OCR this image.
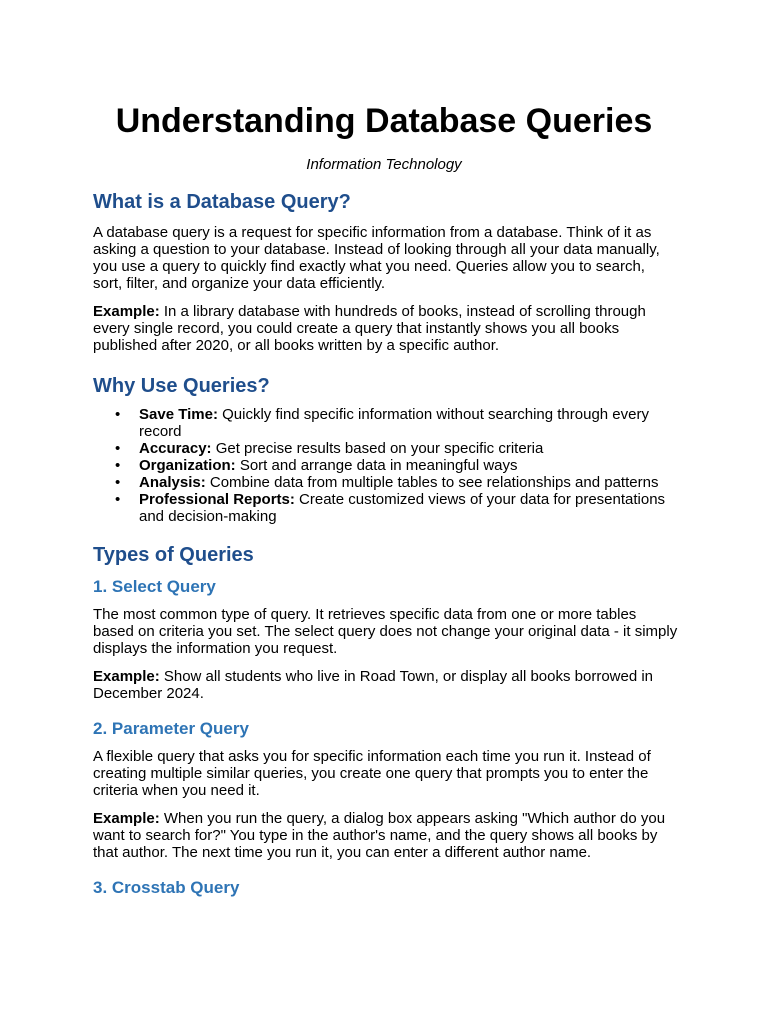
Understanding Database Queries
Information Technology
What is a Database Query?

A database query is a request for specific information from a database. Think of it as asking a question to your database. Instead of looking through all your data manually, you use a query to quickly find exactly what you need. Queries allow you to search, sort, filter, and organize your data efficiently.

Example: In a library database with hundreds of books, instead of scrolling through every single record, you could create a query that instantly shows you all books published after 2020, or all books written by a specific author.

Why Use Queries?
• Save Time: Quickly find specific information without searching through every record
• Accuracy: Get precise results based on your specific criteria
• Organization: Sort and arrange data in meaningful ways
• Analysis: Combine data from multiple tables to see relationships and patterns
• Professional Reports: Create customized views of your data for presentations and decision-making
Types of Queries
1. Select Query

The most common type of query. It retrieves specific data from one or more tables based on criteria you set. The select query does not change your original data - it simply displays the information you request.

Example: Show all students who live in Road Town, or display all books borrowed in December 2024.

2. Parameter Query

A flexible query that asks you for specific information each time you run it. Instead of creating multiple similar queries, you create one query that prompts you to enter the criteria when you need it.

Example: When you run the query, a dialog box appears asking "Which author do you want to search for?" You type in the author's name, and the query shows all books by that author. The next time you run it, you can enter a different author name.

3. Crosstab Query
